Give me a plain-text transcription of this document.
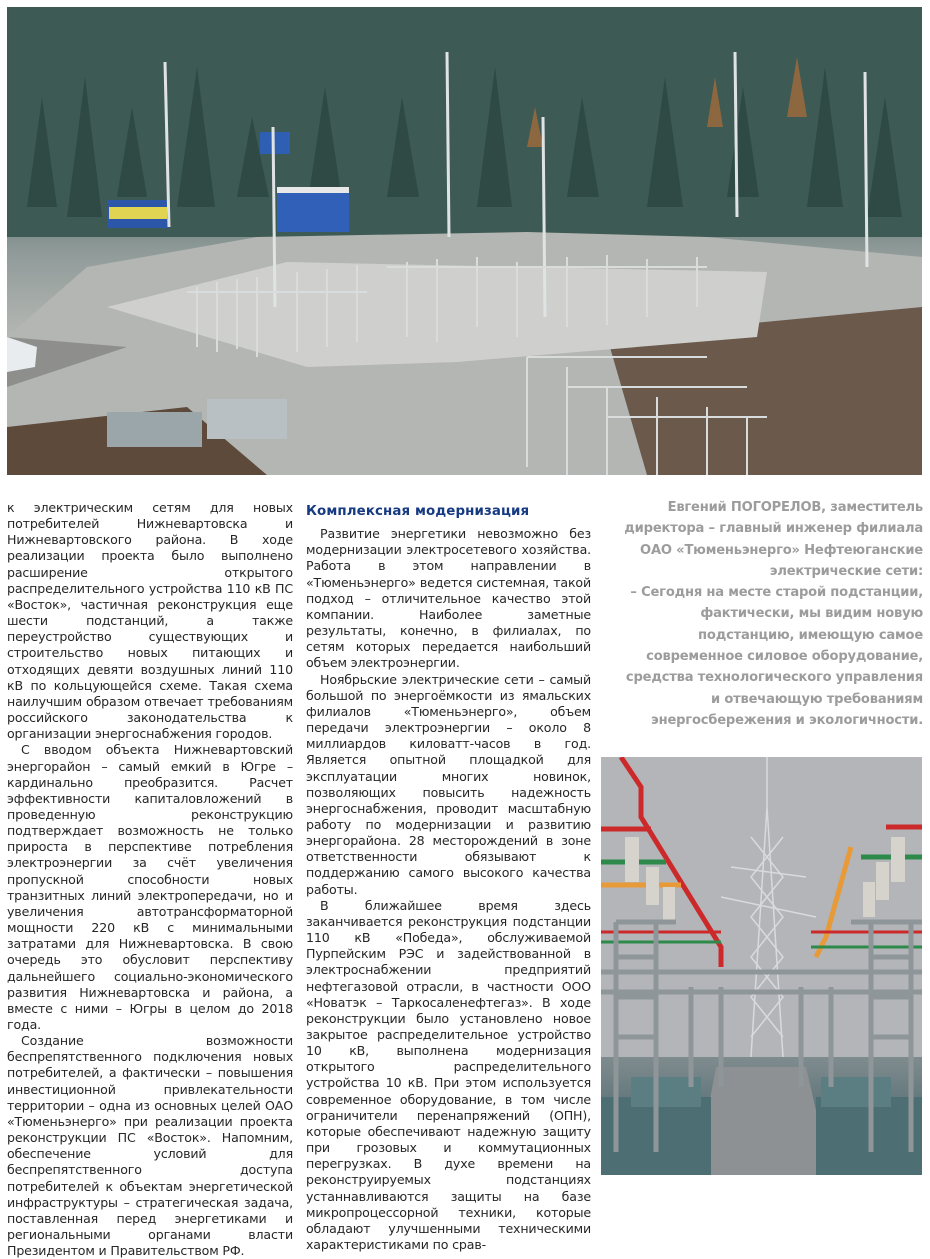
к электрическим сетям для новых потребителей Нижневартовска и Нижневартовского района. В ходе реализации проекта было выполнено расширение открытого распределительного устройства 110 кВ ПС «Восток», частичная реконструкция еще шести подстанций, а также переустройство существующих и строительство новых питающих и отходящих девяти воздушных линий 110 кВ по кольцующейся схеме. Такая схема наилучшим образом отвечает требованиям российского законодательства к организации энергоснабжения городов.

С вводом объекта Нижневартовский энергорайон – самый емкий в Югре – кардинально преобразится. Расчет эффективности капиталовложений в проведенную реконструкцию подтверждает возможность не только прироста в перспективе потребления электроэнергии за счёт увеличения пропускной способности новых транзитных линий электропередачи, но и увеличения автотрансформаторной мощности 220 кВ с минимальными затратами для Нижневартовска. В свою очередь это обусловит перспективу дальнейшего социально-экономического развития Нижневартовска и района, а вместе с ними – Югры в целом до 2018 года.

Создание возможности беспрепятственного подключения новых потребителей, а фактически – повышения инвестиционной привлекательности территории – одна из основных целей ОАО «Тюменьэнерго» при реализации проекта реконструкции ПС «Восток». Напомним, обеспечение условий для беспрепятственного доступа потребителей к объектам энергетической инфраструктуры – стратегическая задача, поставленная перед энергетиками и региональными органами власти Президентом и Правительством РФ.

Комплексная модернизация

Развитие энергетики невозможно без модернизации электросетевого хозяйства. Работа в этом направлении в «Тюменьэнерго» ведется системная, такой подход – отличительное качество этой компании. Наиболее заметные результаты, конечно, в филиалах, по сетям которых передается наибольший объем электроэнергии.

Ноябрьские электрические сети – самый большой по энергоёмкости из ямальских филиалов «Тюменьэнерго», объем передачи электроэнергии – около 8 миллиардов киловатт-часов в год. Является опытной площадкой для эксплуатации многих новинок, позволяющих повысить надежность энергоснабжения, проводит масштабную работу по модернизации и развитию энергорайона. 28 месторождений в зоне ответственности обязывают к поддержанию самого высокого качества работы.

В ближайшее время здесь заканчивается реконструкция подстанции 110 кВ «Победа», обслуживаемой Пурпейским РЭС и задействованной в электроснабжении предприятий нефтегазовой отрасли, в частности ООО «Новатэк – Таркосаленефтегаз». В ходе реконструкции было установлено новое закрытое распределительное устройство 10 кВ, выполнена модернизация открытого распределительного устройства 10 кВ. При этом используется современное оборудование, в том числе ограничители перенапряжений (ОПН), которые обеспечивают надежную защиту при грозовых и коммутационных перегрузках. В духе времени на реконструируемых подстанциях устаннавливаются защиты на базе микропроцессорной техники, которые обладают улучшенными техническими характеристиками по срав-

Евгений ПОГОРЕЛОВ, заместитель
директора – главный инженер филиала
ОАО «Тюменьэнерго» Нефтеюганские
электрические сети:
– Сегодня на месте старой подстанции,
фактически, мы видим новую
подстанцию, имеющую самое
современное силовое оборудование,
средства технологического управления
и отвечающую требованиям
энергосбережения и экологичности.
